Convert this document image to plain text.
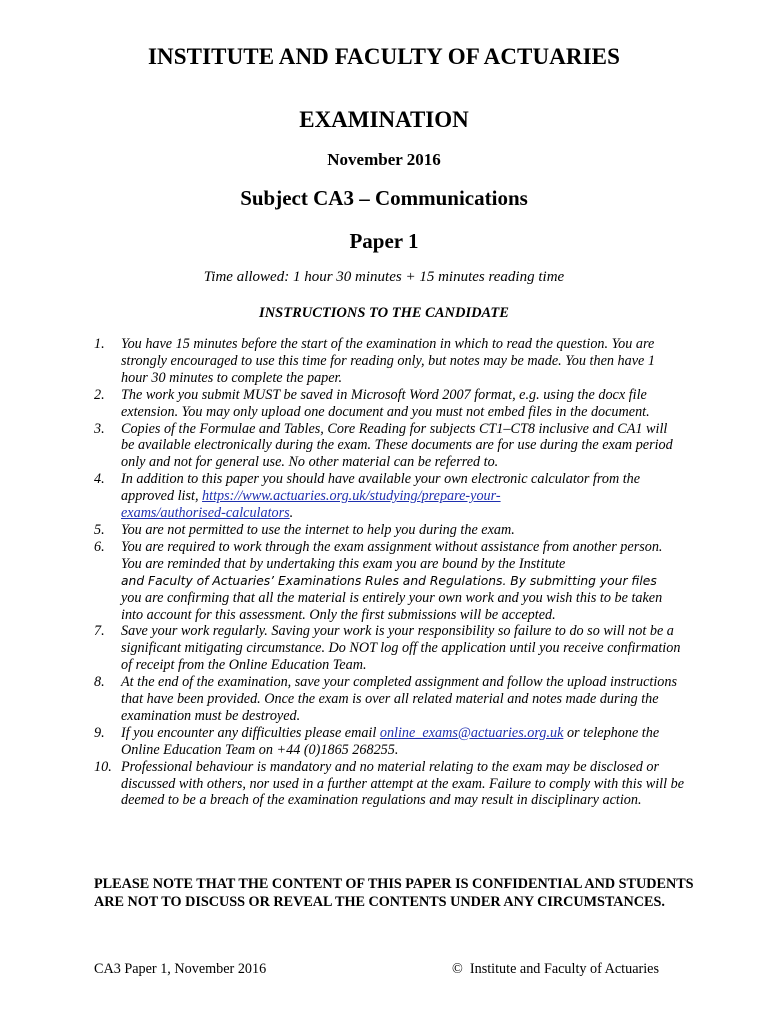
INSTITUTE AND FACULTY OF ACTUARIES
EXAMINATION
November 2016
Subject CA3 – Communications
Paper 1
Time allowed: 1 hour 30 minutes + 15 minutes reading time
INSTRUCTIONS TO THE CANDIDATE
1. You have 15 minutes before the start of the examination in which to read the question. You are strongly encouraged to use this time for reading only, but notes may be made. You then have 1 hour 30 minutes to complete the paper.
2. The work you submit MUST be saved in Microsoft Word 2007 format, e.g. using the docx file extension. You may only upload one document and you must not embed files in the document.
3. Copies of the Formulae and Tables, Core Reading for subjects CT1–CT8 inclusive and CA1 will be available electronically during the exam. These documents are for use during the exam period only and not for general use. No other material can be referred to.
4. In addition to this paper you should have available your own electronic calculator from the approved list, https://www.actuaries.org.uk/studying/prepare-your-
exams/authorised-calculators.
5. You are not permitted to use the internet to help you during the exam.
6. You are required to work through the exam assignment without assistance from another person. You are reminded that by undertaking this exam you are bound by the Institute
and Faculty of Actuaries’ Examinations Rules and Regulations. By submitting your files
you are confirming that all the material is entirely your own work and you wish this to be taken into account for this assessment. Only the first submissions will be accepted.
7. Save your work regularly. Saving your work is your responsibility so failure to do so will not be a significant mitigating circumstance. Do NOT log off the application until you receive confirmation of receipt from the Online Education Team.
8. At the end of the examination, save your completed assignment and follow the upload instructions that have been provided. Once the exam is over all related material and notes made during the examination must be destroyed.
9. If you encounter any difficulties please email online_exams@actuaries.org.uk or telephone the Online Education Team on +44 (0)1865 268255.
10. Professional behaviour is mandatory and no material relating to the exam may be disclosed or discussed with others, nor used in a further attempt at the exam. Failure to comply with this will be deemed to be a breach of the examination regulations and may result in disciplinary action.
PLEASE NOTE THAT THE CONTENT OF THIS PAPER IS CONFIDENTIAL AND STUDENTS ARE NOT TO DISCUSS OR REVEAL THE CONTENTS UNDER ANY CIRCUMSTANCES.
CA3 Paper 1, November 2016	© Institute and Faculty of Actuaries
